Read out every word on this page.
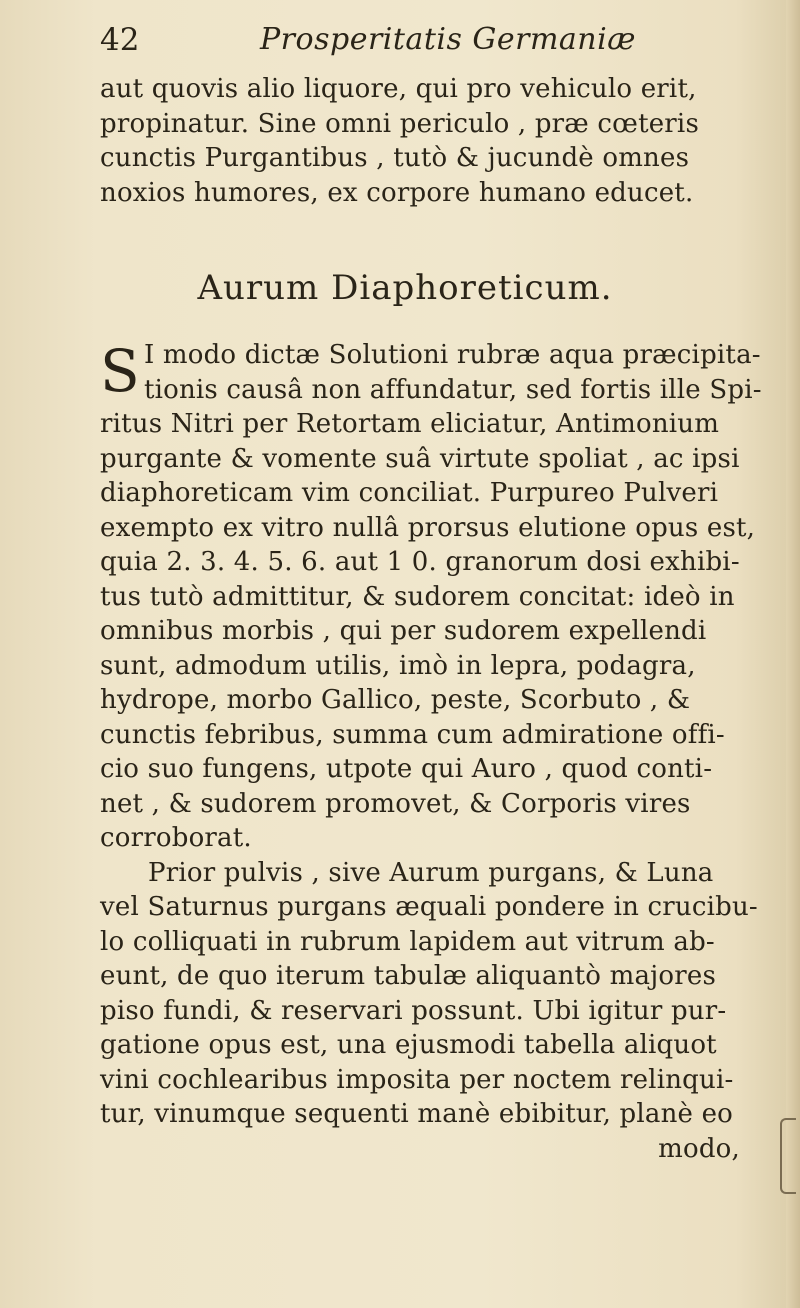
42	Prosperitatis Germaniæ
aut quovis alio liquore, qui pro vehiculo erit,
propinatur. Sine omni periculo , præ cœteris
cunctis Purgantibus , tutò & jucundè omnes
noxios humores, ex corpore humano educet.
Aurum Diaphoreticum.
S I modo dictæ Solutioni rubræ aqua præcipita-
tionis causâ non affundatur, sed fortis ille Spi-
ritus Nitri per Retortam eliciatur, Antimonium
purgante & vomente suâ virtute spoliat , ac ipsi
diaphoreticam vim conciliat. Purpureo Pulveri
exempto ex vitro nullâ prorsus elutione opus est,
quia 2. 3. 4. 5. 6. aut 1 0. granorum dosi exhibi-
tus tutò admittitur, & sudorem concitat: ideò in
omnibus morbis , qui per sudorem expellendi
sunt, admodum utilis, imò in lepra, podagra,
hydrope, morbo Gallico, peste, Scorbuto , &
cunctis febribus, summa cum admiratione offi-
cio suo fungens, utpote qui Auro , quod conti-
net , & sudorem promovet, & Corporis vires
corroborat.
Prior pulvis , sive Aurum purgans, & Luna
vel Saturnus purgans æquali pondere in crucibu-
lo colliquati in rubrum lapidem aut vitrum ab-
eunt, de quo iterum tabulæ aliquantò majores
piso fundi, & reservari possunt. Ubi igitur pur-
gatione opus est, una ejusmodi tabella aliquot
vini cochlearibus imposita per noctem relinqui-
tur, vinumque sequenti manè ebibitur, planè eo
modo,
